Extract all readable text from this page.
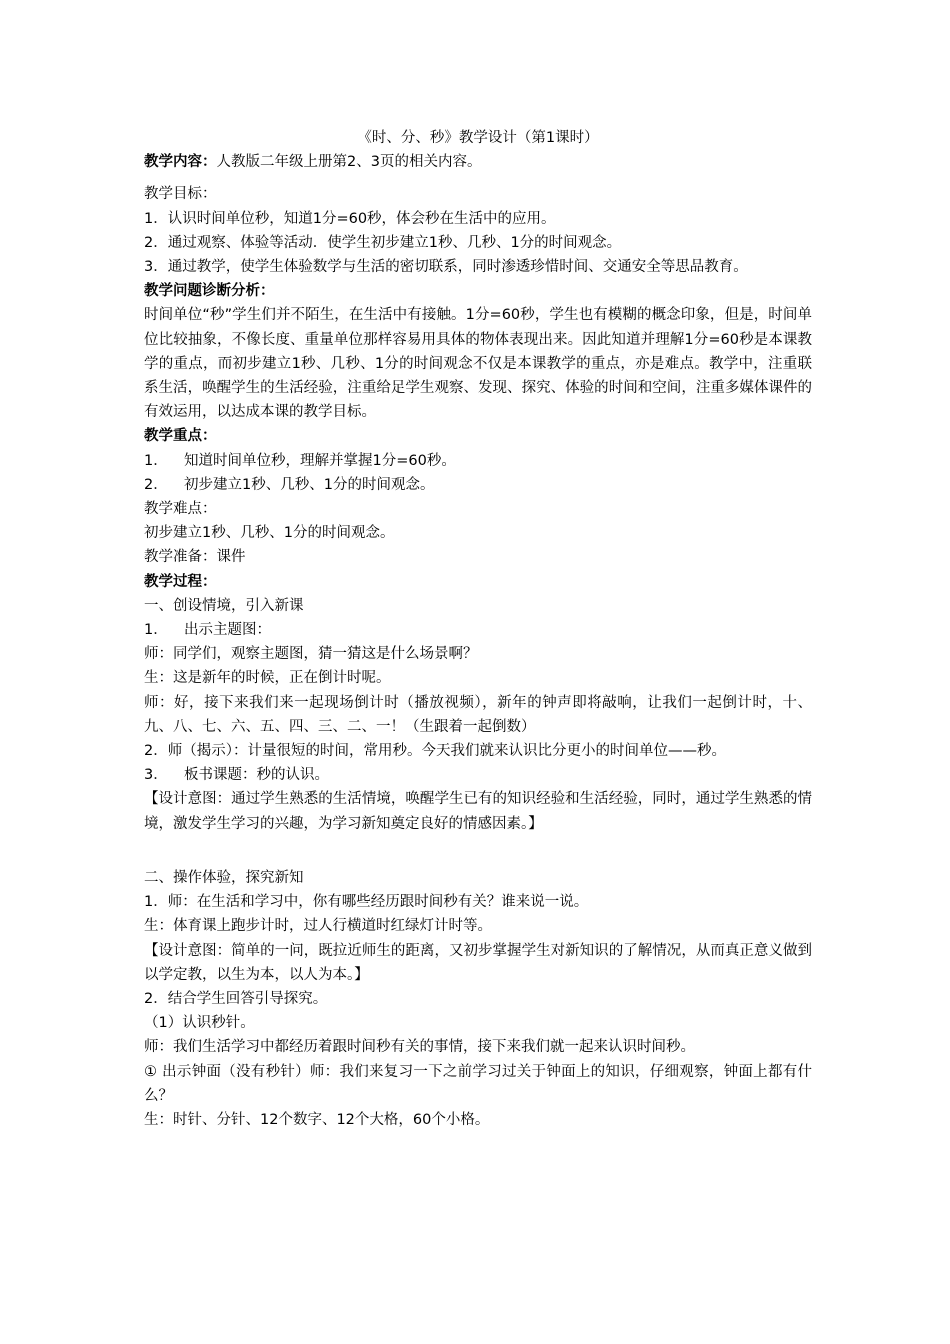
《时、分、秒》教学设计（第1课时）

教学内容：人教版二年级上册第2、3页的相关内容。

教学目标：

1．认识时间单位秒，知道1分=60秒，体会秒在生活中的应用。

2．通过观察、体验等活动．使学生初步建立1秒、几秒、1分的时间观念。

3．通过教学，使学生体验数学与生活的密切联系，同时渗透珍惜时间、交通安全等思品教育。

教学问题诊断分析：

时间单位“秒”学生们并不陌生，在生活中有接触。1分=60秒，学生也有模糊的概念印象，但是，时间单位比较抽象，不像长度、重量单位那样容易用具体的物体表现出来。因此知道并理解1分=60秒是本课教学的重点，而初步建立1秒、几秒、1分的时间观念不仅是本课教学的重点，亦是难点。教学中，注重联系生活，唤醒学生的生活经验，注重给足学生观察、发现、探究、体验的时间和空间，注重多媒体课件的有效运用，以达成本课的教学目标。

教学重点：

1． 知道时间单位秒，理解并掌握1分=60秒。

2． 初步建立1秒、几秒、1分的时间观念。

教学难点：

初步建立1秒、几秒、1分的时间观念。

教学准备：课件

教学过程：

一、创设情境，引入新课

1． 出示主题图：

师：同学们，观察主题图，猜一猜这是什么场景啊？

生：这是新年的时候，正在倒计时呢。

师：好，接下来我们来一起现场倒计时（播放视频），新年的钟声即将敲响，让我们一起倒计时，十、九、八、七、六、五、四、三、二、一！（生跟着一起倒数）

2．师（揭示）：计量很短的时间，常用秒。今天我们就来认识比分更小的时间单位——秒。

3． 板书课题：秒的认识。

【设计意图：通过学生熟悉的生活情境，唤醒学生已有的知识经验和生活经验，同时，通过学生熟悉的情境，激发学生学习的兴趣，为学习新知奠定良好的情感因素。】

二、操作体验，探究新知

1．师：在生活和学习中，你有哪些经历跟时间秒有关？谁来说一说。

生：体育课上跑步计时，过人行横道时红绿灯计时等。

【设计意图：简单的一问，既拉近师生的距离，又初步掌握学生对新知识的了解情况，从而真正意义做到以学定教，以生为本，以人为本。】

2．结合学生回答引导探究。

（1）认识秒针。

师：我们生活学习中都经历着跟时间秒有关的事情，接下来我们就一起来认识时间秒。

① 出示钟面（没有秒针）师：我们来复习一下之前学习过关于钟面上的知识，仔细观察，钟面上都有什么？

生：时针、分针、12个数字、12个大格，60个小格。
